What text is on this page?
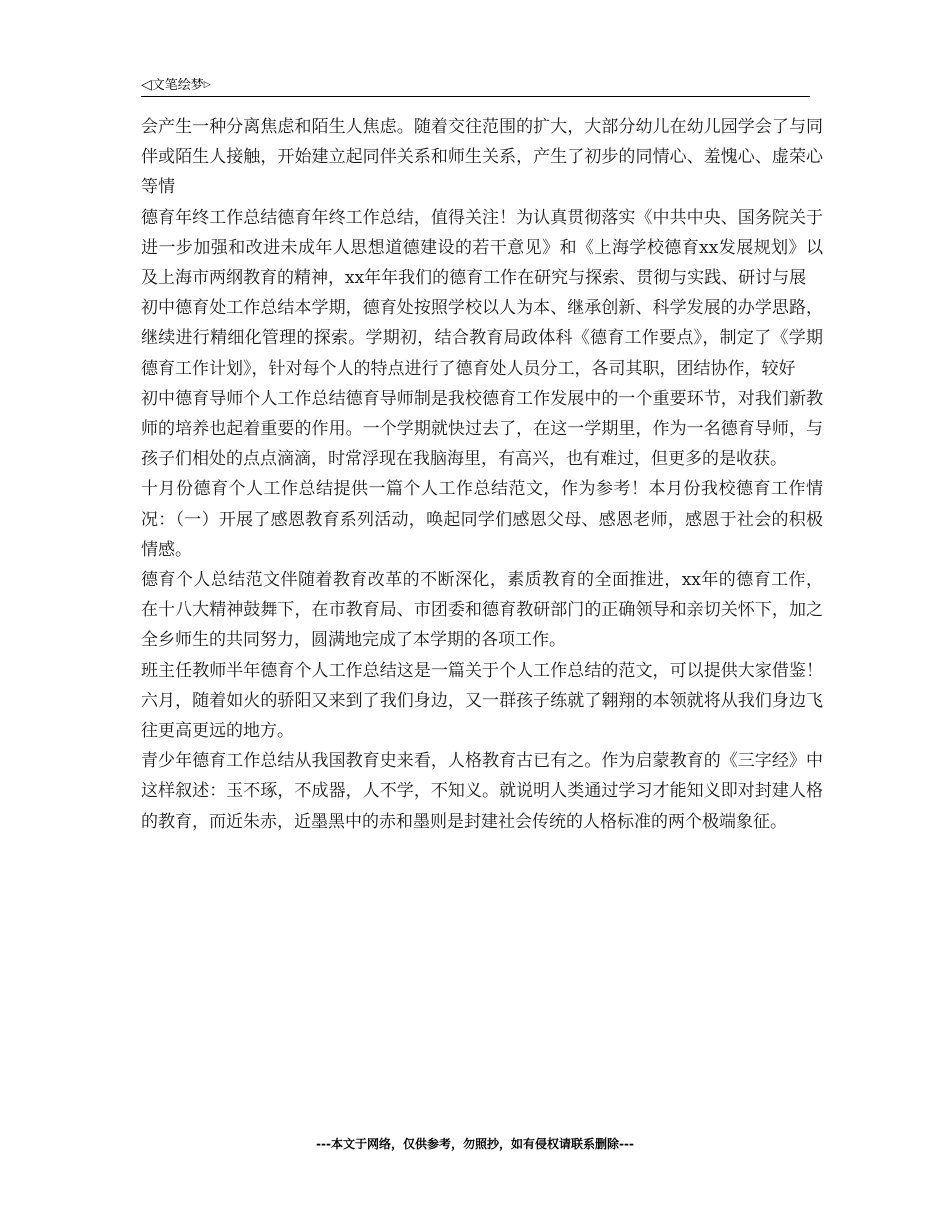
◁文笔绘梦▷

会产生一种分离焦虑和陌生人焦虑。随着交往范围的扩大，大部分幼儿在幼儿园学会了与同伴或陌生人接触，开始建立起同伴关系和师生关系，产生了初步的同情心、羞愧心、虚荣心等情

德育年终工作总结德育年终工作总结，值得关注！为认真贯彻落实《中共中央、国务院关于进一步加强和改进未成年人思想道德建设的若干意见》和《上海学校德育xx发展规划》以及上海市两纲教育的精神，xx年年我们的德育工作在研究与探索、贯彻与实践、研讨与展

初中德育处工作总结本学期，德育处按照学校以人为本、继承创新、科学发展的办学思路，继续进行精细化管理的探索。学期初，结合教育局政体科《德育工作要点》，制定了《学期德育工作计划》，针对每个人的特点进行了德育处人员分工，各司其职，团结协作，较好

初中德育导师个人工作总结德育导师制是我校德育工作发展中的一个重要环节，对我们新教师的培养也起着重要的作用。一个学期就快过去了，在这一学期里，作为一名德育导师，与孩子们相处的点点滴滴，时常浮现在我脑海里，有高兴，也有难过，但更多的是收获。

十月份德育个人工作总结提供一篇个人工作总结范文，作为参考！本月份我校德育工作情况：（一）开展了感恩教育系列活动，唤起同学们感恩父母、感恩老师，感恩于社会的积极情感。

德育个人总结范文伴随着教育改革的不断深化，素质教育的全面推进，xx年的德育工作，在十八大精神鼓舞下，在市教育局、市团委和德育教研部门的正确领导和亲切关怀下，加之全乡师生的共同努力，圆满地完成了本学期的各项工作。

班主任教师半年德育个人工作总结这是一篇关于个人工作总结的范文，可以提供大家借鉴！六月，随着如火的骄阳又来到了我们身边，又一群孩子练就了翱翔的本领就将从我们身边飞往更高更远的地方。

青少年德育工作总结从我国教育史来看，人格教育古已有之。作为启蒙教育的《三字经》中这样叙述：玉不琢，不成器，人不学，不知义。就说明人类通过学习才能知义即对封建人格的教育，而近朱赤，近墨黑中的赤和墨则是封建社会传统的人格标准的两个极端象征。

---本文于网络，仅供参考，勿照抄，如有侵权请联系删除---
